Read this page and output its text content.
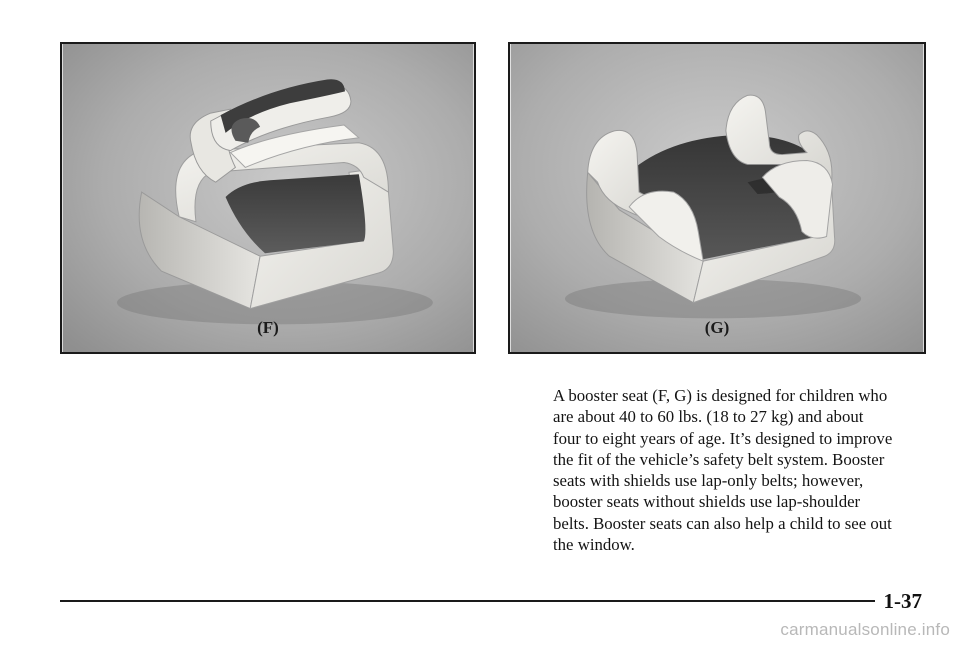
(F)	(G)

A booster seat (F, G) is designed for children who
are about 40 to 60 lbs. (18 to 27 kg) and about
four to eight years of age. It’s designed to improve
the fit of the vehicle’s safety belt system. Booster
seats with shields use lap-only belts; however,
booster seats without shields use lap-shoulder
belts. Booster seats can also help a child to see out
the window.

1-37
carmanualsonline.info
